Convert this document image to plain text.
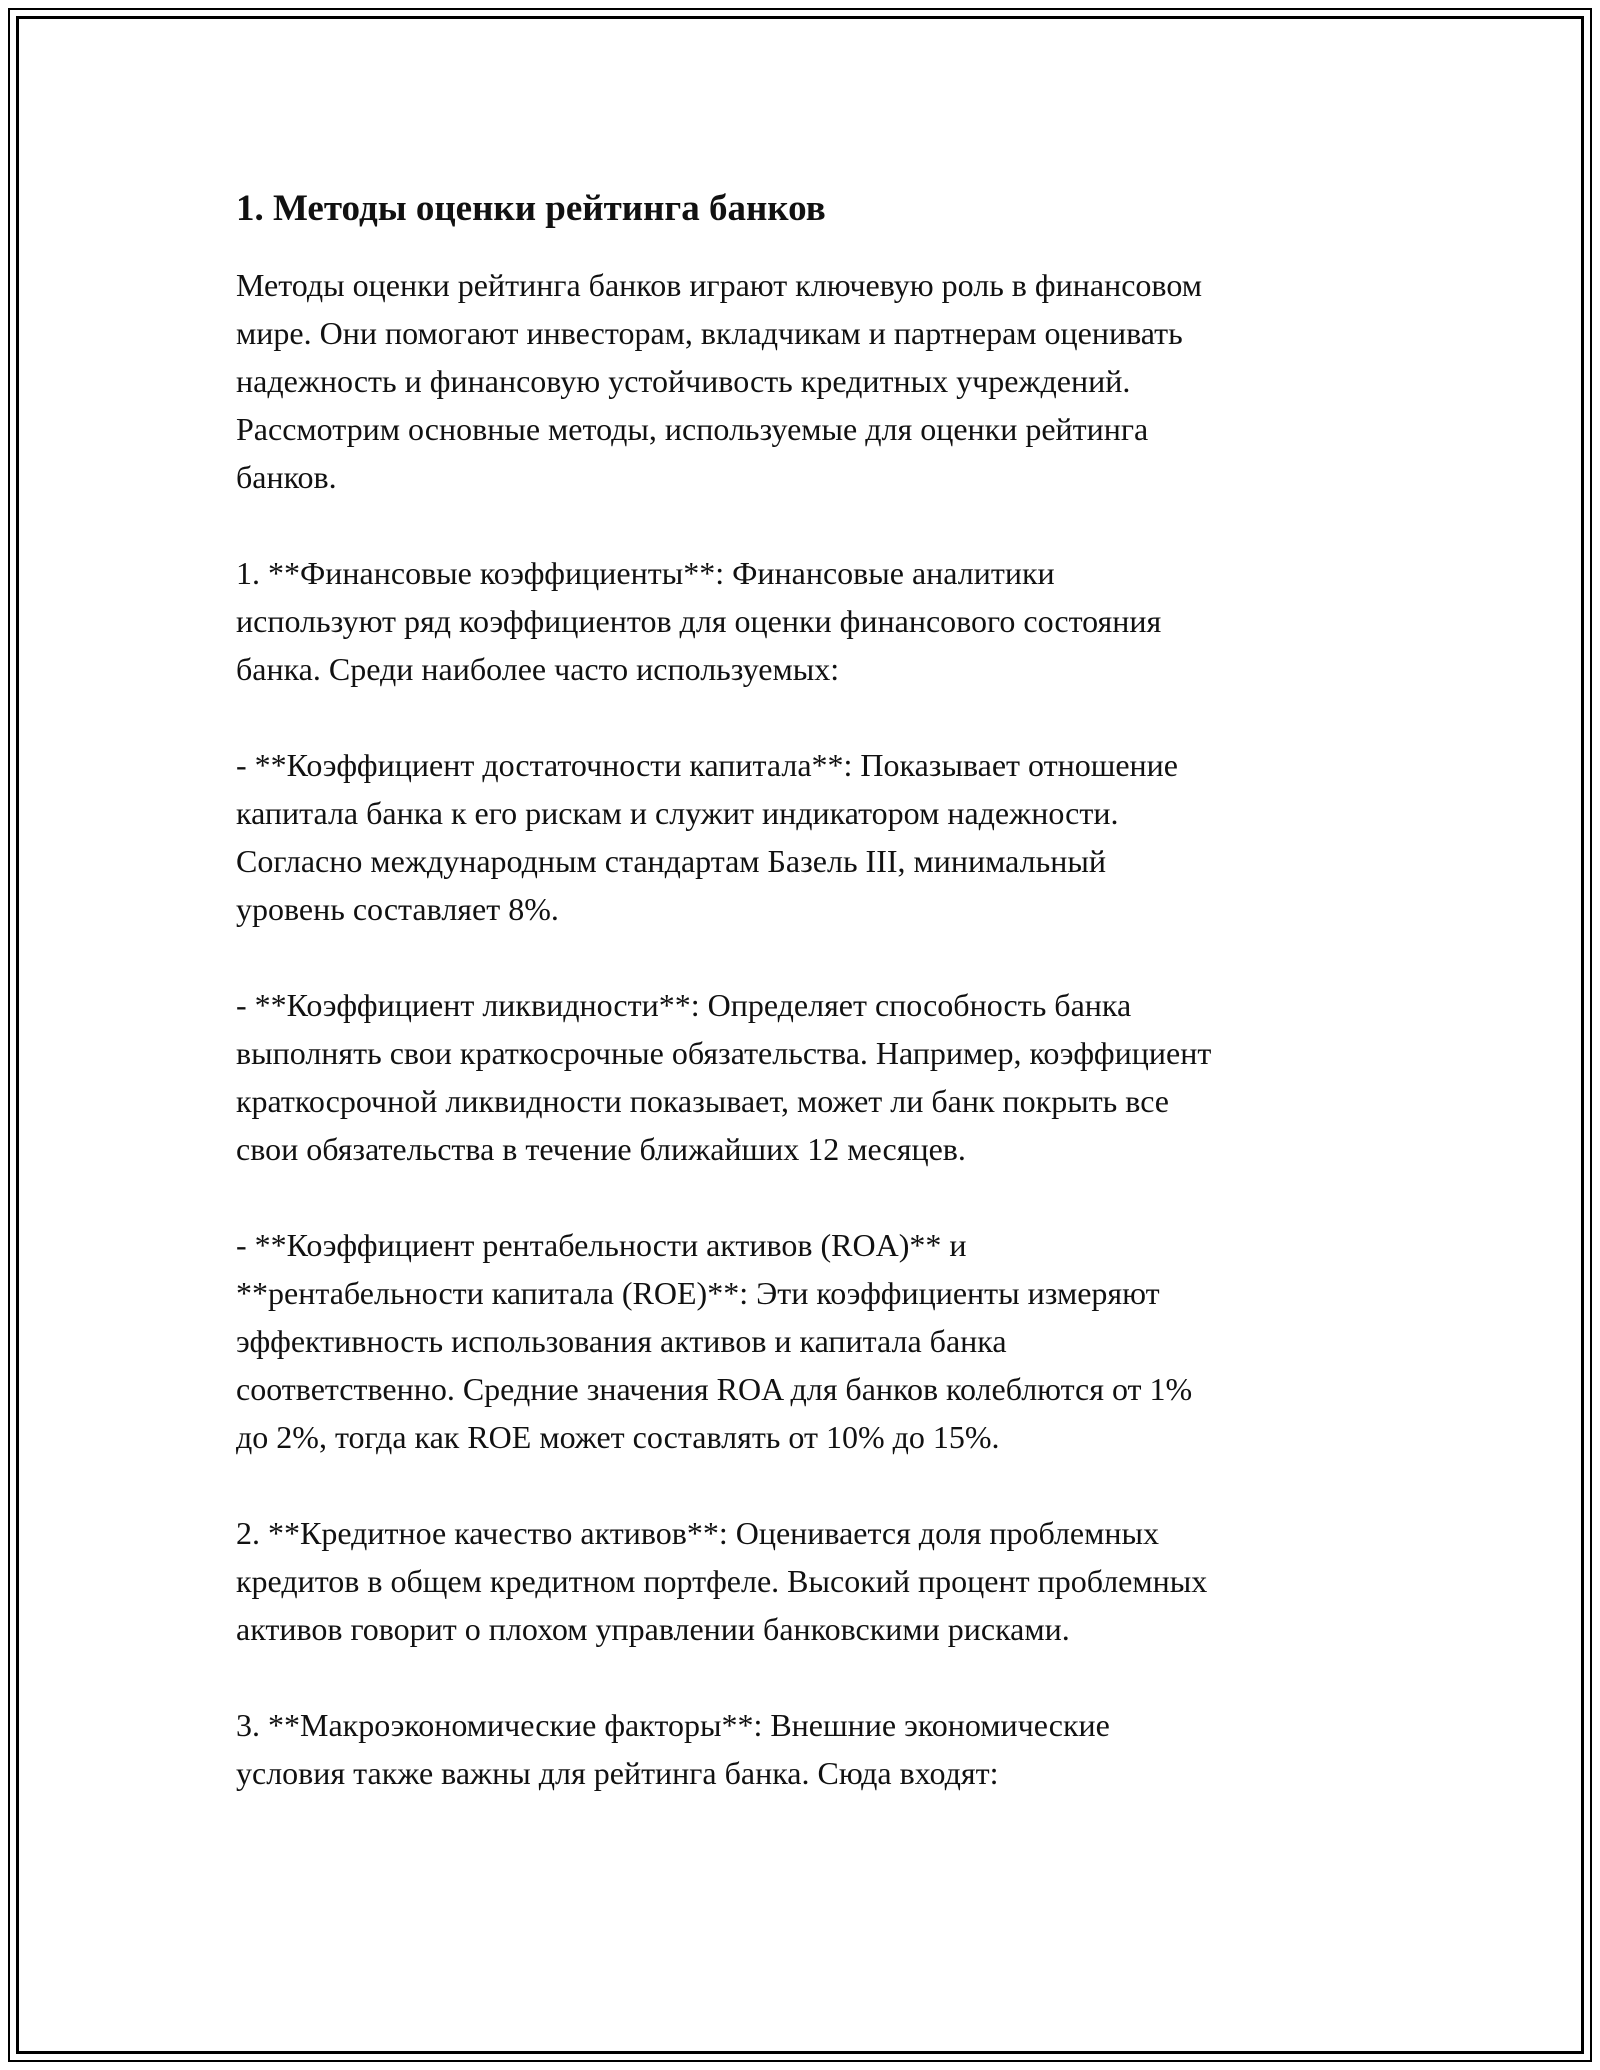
1. Методы оценки рейтинга банков

Методы оценки рейтинга банков играют ключевую роль в финансовом
мире. Они помогают инвесторам, вкладчикам и партнерам оценивать
надежность и финансовую устойчивость кредитных учреждений.
Рассмотрим основные методы, используемые для оценки рейтинга
банков.

1. **Финансовые коэффициенты**: Финансовые аналитики
используют ряд коэффициентов для оценки финансового состояния
банка. Среди наиболее часто используемых:

- **Коэффициент достаточности капитала**: Показывает отношение
капитала банка к его рискам и служит индикатором надежности.
Согласно международным стандартам Базель III, минимальный
уровень составляет 8%.

- **Коэффициент ликвидности**: Определяет способность банка
выполнять свои краткосрочные обязательства. Например, коэффициент
краткосрочной ликвидности показывает, может ли банк покрыть все
свои обязательства в течение ближайших 12 месяцев.

- **Коэффициент рентабельности активов (ROA)** и
**рентабельности капитала (ROE)**: Эти коэффициенты измеряют
эффективность использования активов и капитала банка
соответственно. Средние значения ROA для банков колеблются от 1%
до 2%, тогда как ROE может составлять от 10% до 15%.

2. **Кредитное качество активов**: Оценивается доля проблемных
кредитов в общем кредитном портфеле. Высокий процент проблемных
активов говорит о плохом управлении банковскими рисками.

3. **Макроэкономические факторы**: Внешние экономические
условия также важны для рейтинга банка. Сюда входят:
